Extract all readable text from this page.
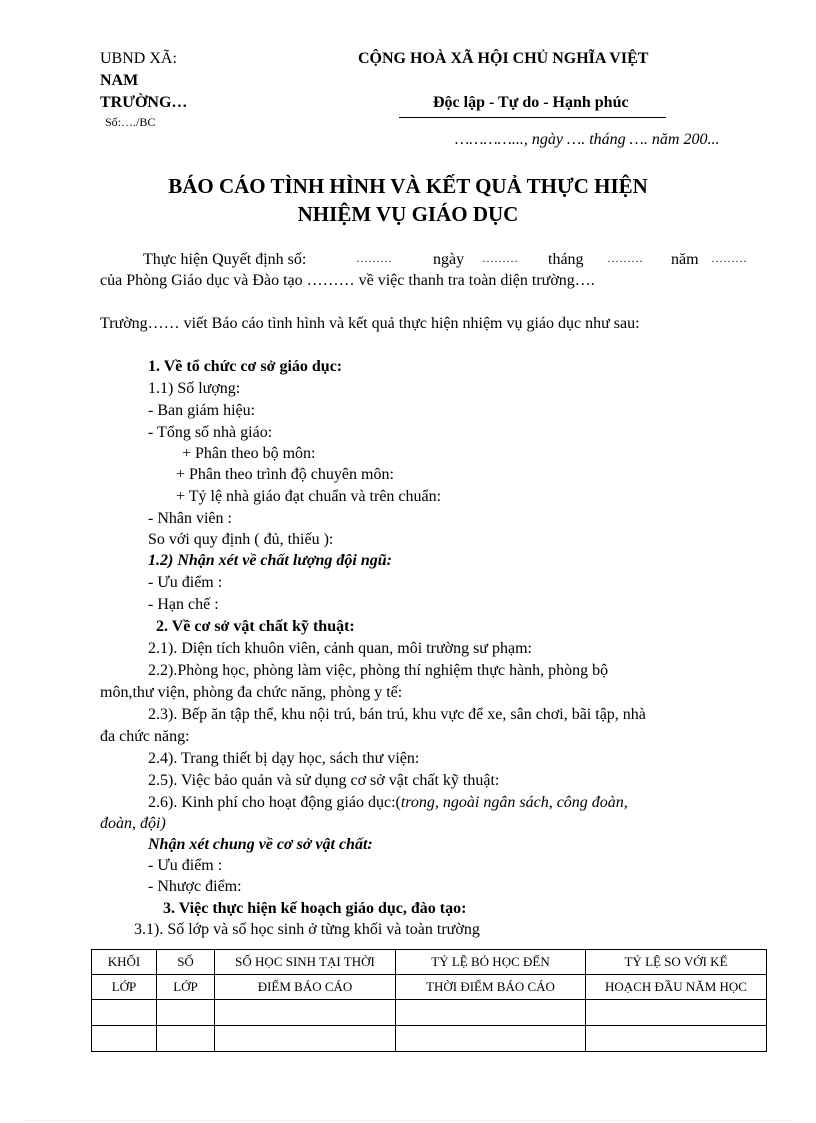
UBND XÃ:
NAM
TRƯỜNG…
Số:…./BC
CỘNG HOÀ XÃ HỘI CHỦ NGHĨA VIỆT
Độc lập - Tự do - Hạnh phúc
…………..., ngày …. tháng …. năm 200...
BÁO CÁO TÌNH HÌNH VÀ KẾT QUẢ THỰC HIỆN
NHIỆM VỤ GIÁO DỤC
Thực hiện Quyết định số:	………	ngày ……… tháng ……… năm ………
của Phòng Giáo dục và Đào tạo ……… về việc thanh tra toàn diện trường….
Trường…… viết Báo cáo tình hình và kết quả thực hiện nhiệm vụ giáo dục như sau:
1. Về tổ chức cơ sở giáo dục:
1.1) Số lượng:
- Ban giám hiệu:
- Tổng số nhà giáo:
+ Phân theo bộ môn:
+ Phân theo trình độ chuyên môn:
+ Tỷ lệ nhà giáo đạt chuẩn và trên chuẩn:
- Nhân viên :
So với quy định ( đủ, thiếu ):
1.2) Nhận xét về chất lượng đội ngũ:
- Ưu điểm :
- Hạn chế :
2. Về cơ sở vật chất kỹ thuật:
2.1). Diện tích khuôn viên, cảnh quan, môi trường sư phạm:
2.2).Phòng học, phòng làm việc, phòng thí nghiệm thực hành, phòng bộ
môn,thư viện, phòng đa chức năng, phòng y tế:
2.3). Bếp ăn tập thể, khu nội trú, bán trú, khu vực để xe, sân chơi, bãi tập, nhà
đa chức năng:
2.4). Trang thiết bị dạy học, sách thư viện:
2.5). Việc bảo quản và sử dụng cơ sở vật chất kỹ thuật:
2.6). Kinh phí cho hoạt động giáo dục:(trong, ngoài ngân sách, công đoàn,
đoàn, đội)
Nhận xét chung về cơ sở vật chất:
- Ưu điểm :
- Nhược điểm:
3. Việc thực hiện kế hoạch giáo dục, đào tạo:
3.1). Số lớp và số học sinh ở từng khối và toàn trường
KHỐI	SỐ	SỐ HỌC SINH TẠI THỜI	TỶ LỆ BỎ HỌC ĐẾN	TỶ LỆ SO VỚI KẾ
LỚP	LỚP	ĐIỂM BÁO CÁO	THỜI ĐIỂM BÁO CÁO	HOẠCH ĐẦU NĂM HỌC
